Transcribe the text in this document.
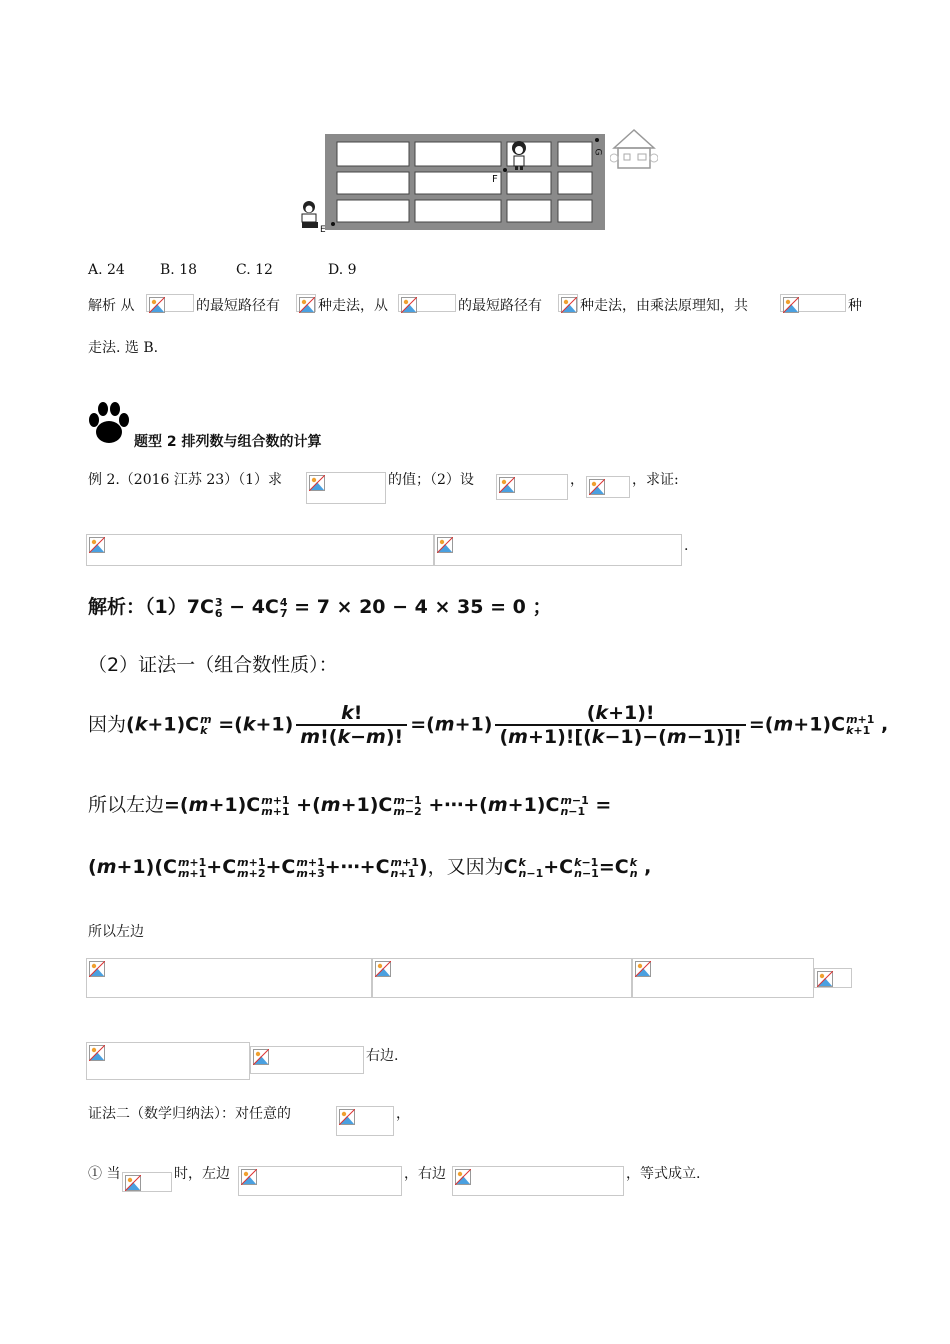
F
G
E
A. 24	B. 18	C. 12	D. 9
解析 从	的最短路径有	种走法，从	的最短路径有	种走法，由乘法原理知，共	种
走法. 选 B.
题型 2 排列数与组合数的计算
例 2.（2016 江苏 23）（1）求	的值；（2）设	，	，求证:
.
解析：（1）7C3
6 − 4C4
7 = 7 × 20 − 4 × 35 = 0 ；
（2）证法一（组合数性质）：
因为(k+1)Cm
$k =(k+1) \frac{k!}{m!(k-m)!} =(m+1) \frac{(k+1)!}{(m+1)![(k-1)-(m-1)]!} =(m+1)Cm+1$
k+1 ,
所以左边=(m+1)Cm+1
m+1 +(m+1)Cm−1
m−2 +⋯+(m+1)Cm−1
n−1 =
(m+1)(Cm+1
m+1+Cm+1
m+2+Cm+1
m+3+⋯+Cm+1
n+1 )，又因为Ck
n−1+Ck−1
n−1=Ck
n ,
所以左边
右边.
证法二（数学归纳法）：对任意的	，
① 当	时，左边	，右边	，等式成立.
